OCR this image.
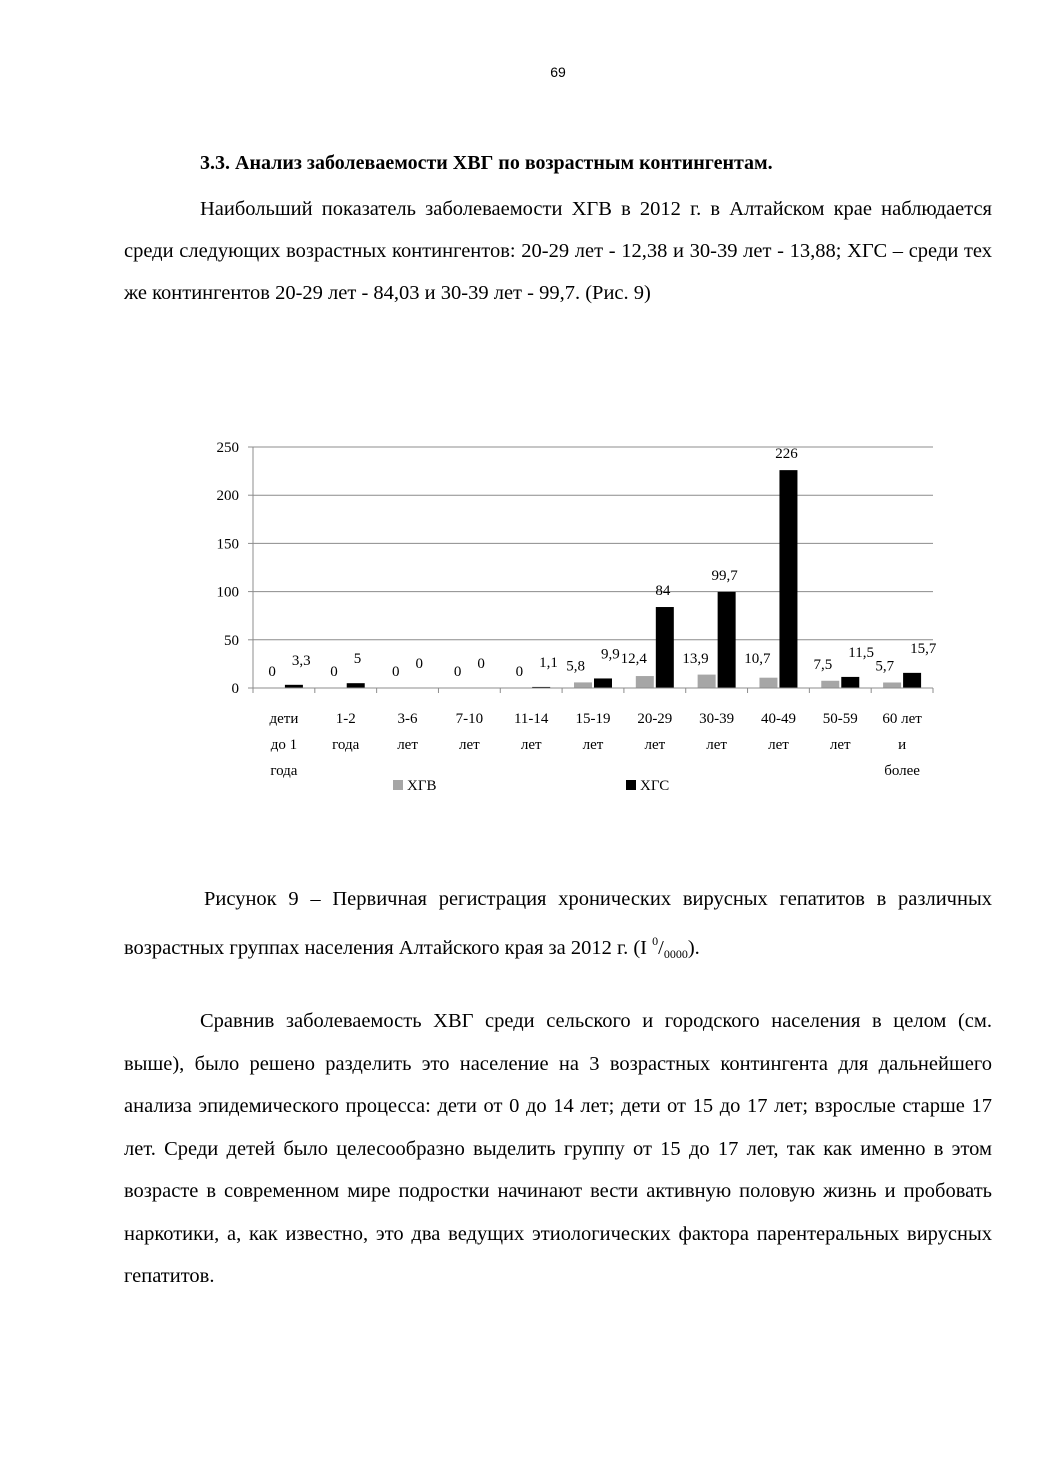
69
3.3. Анализ заболеваемости ХВГ по возрастным контингентам.

Наибольший показатель заболеваемости ХГВ в 2012 г. в Алтайском крае наблюдается среди следующих возрастных контингентов: 20-29 лет - 12,38 и 30-39 лет - 13,88; ХГС – среди тех же контингентов 20-29 лет - 84,03 и 30-39 лет - 99,7. (Рис. 9)

0
50
100
150
200
250
0
3,3
0
5
0 0 0 0 0
1,1 5,8
9,9 12,4
84
13,9
99,7
10,7
226
7,5
11,5
5,7
15,7
дети
до 1
года
1-2
года
3-6
лет
7-10
лет
11-14
лет
15-19
лет
20-29
лет
30-39
лет
40-49
лет
50-59
лет
60 лет
и
более
ХГВ	ХГС

Рисунок 9 – Первичная регистрация хронических вирусных гепатитов в различных возрастных группах населения Алтайского края за 2012 г. (I $^0/_{0000}$).

Сравнив заболеваемость ХВГ среди сельского и городского населения в целом (см. выше), было решено разделить это население на 3 возрастных контингента для дальнейшего анализа эпидемического процесса: дети от 0 до 14 лет; дети от 15 до 17 лет; взрослые старше 17 лет. Среди детей было целесообразно выделить группу от 15 до 17 лет, так как именно в этом возрасте в современном мире подростки начинают вести активную половую жизнь и пробовать наркотики, а, как известно, это два ведущих этиологических фактора парентеральных вирусных гепатитов.
